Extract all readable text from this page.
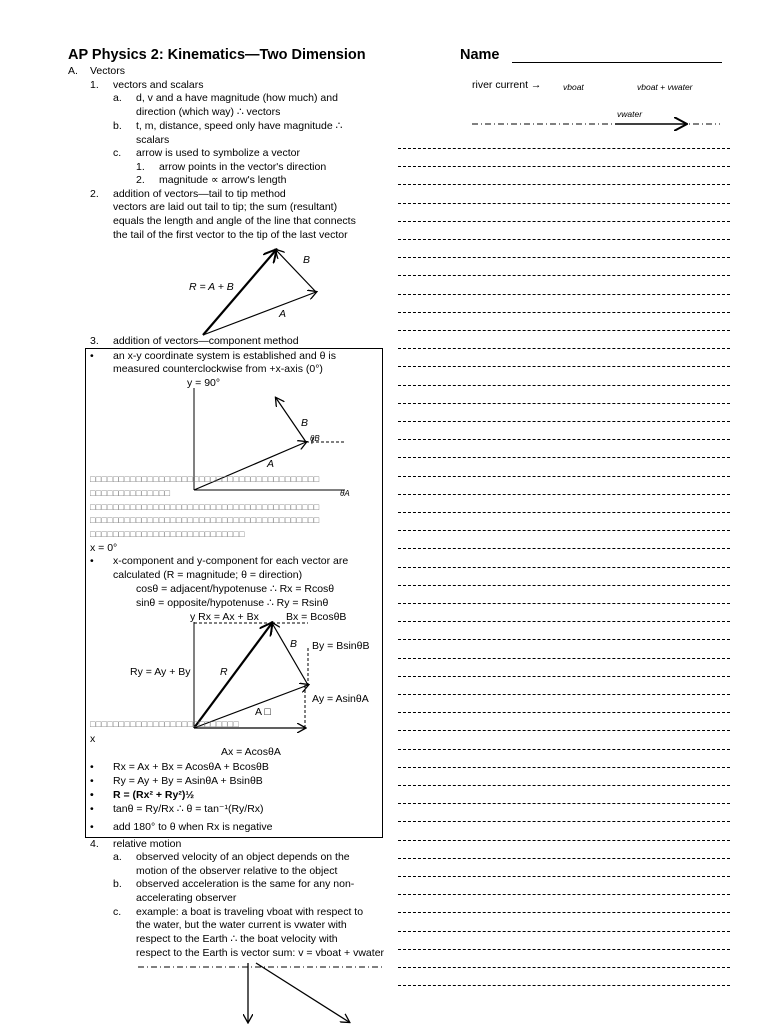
AP Physics 2: Kinematics—Two Dimension	Name
A. Vectors
1. vectors and scalars
a. d, v and a have magnitude (how much) and
direction (which way) ∴ vectors
b. t, m, distance, speed only have magnitude ∴
scalars
c. arrow is used to symbolize a vector
1. arrow points in the vector's direction
2. magnitude ∝ arrow's length
2. addition of vectors—tail to tip method
vectors are laid out tail to tip; the sum (resultant)
equals the length and angle of the line that connects
the tail of the first vector to the tip of the last vector
R = A + B
A
B
3. addition of vectors—component method
• an x-y coordinate system is established and θ is
measured counterclockwise from +x-axis (0°)
y = 90°
A
B
θB
θA
□□□□□□□□□□□□□□□□□□□□□□□□□□□□□□□□□□□□□□□□
□□□□□□□□□□□□□□
□□□□□□□□□□□□□□□□□□□□□□□□□□□□□□□□□□□□□□□□
□□□□□□□□□□□□□□□□□□□□□□□□□□□□□□□□□□□□□□□□
□□□□□□□□□□□□□□□□□□□□□□□□□□□
x = 0°
• x-component and y-component for each vector are
calculated (R = magnitude; θ = direction)
cosθ = adjacent/hypotenuse ∴ Rx = Rcosθ
sinθ = opposite/hypotenuse ∴ Ry = Rsinθ
y Rx = Ax + Bx	Bx = BcosθB
B By = BsinθB
Ry = Ay + By	R
Ay = AsinθA
A □
□□□□□□□□□□□□□□□□□□□□□□□□□□
x
Ax = AcosθA
• Rx = Ax + Bx = AcosθA + BcosθB
• Ry = Ay + By = AsinθA + BsinθB
• R = (Rx² + Ry²)½
• tanθ = Ry/Rx ∴ θ = tan⁻¹(Ry/Rx)
• add 180° to θ when Rx is negative
4. relative motion
a. observed velocity of an object depends on the
motion of the observer relative to the object
b. observed acceleration is the same for any non-
accelerating observer
c. example: a boat is traveling vboat with respect to
the water, but the water current is vwater with
respect to the Earth ∴ the boat velocity with
respect to the Earth is vector sum: v = vboat + vwater
river current →	vboat	vboat + vwater
vwater
